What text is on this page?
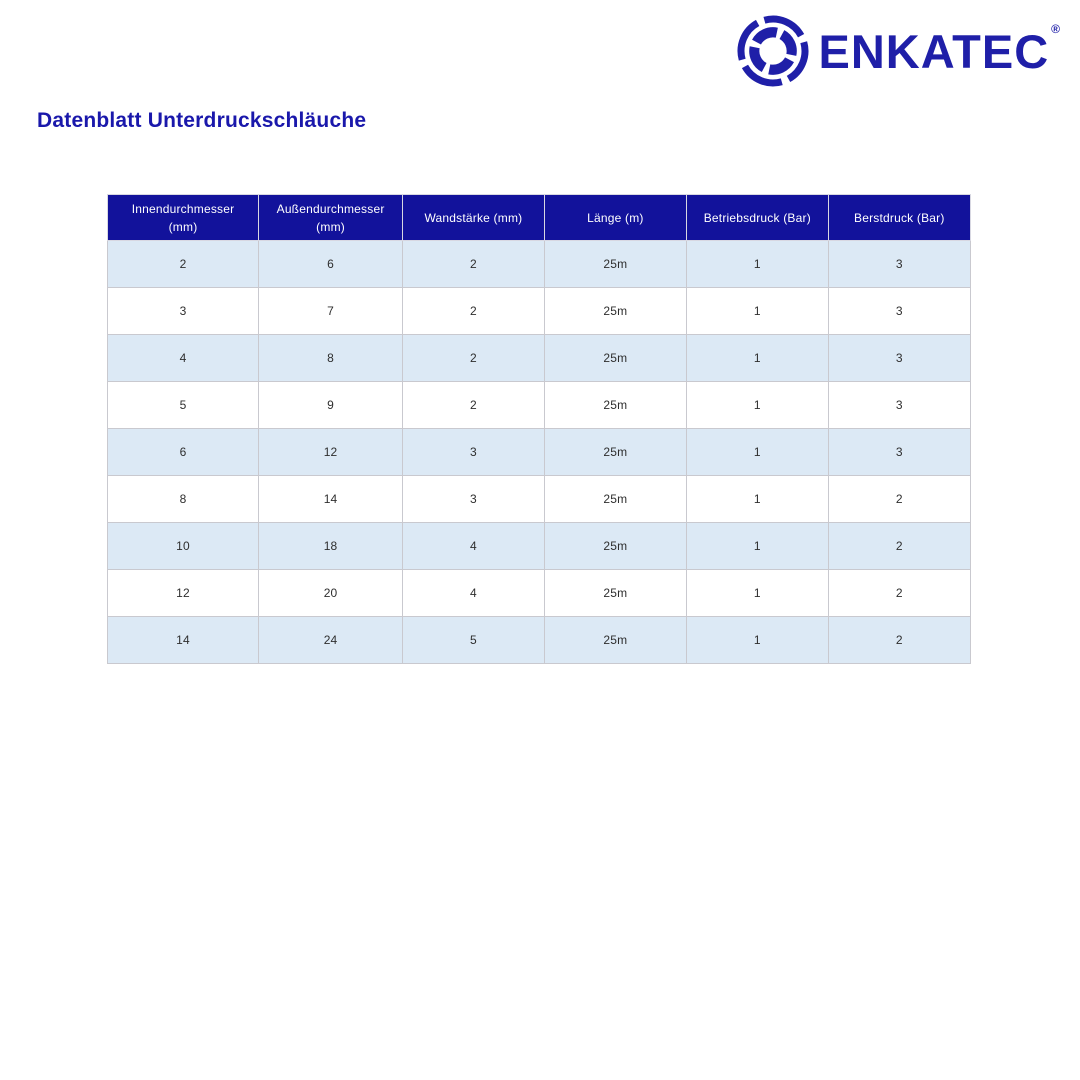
ENKATEC ®
Datenblatt Unterdruckschläuche
Innendurchmesser (mm)	Außendurchmesser (mm)	Wandstärke (mm)	Länge (m)	Betriebsdruck (Bar)	Berstdruck (Bar)
2	6	2	25m	1	3
3	7	2	25m	1	3
4	8	2	25m	1	3
5	9	2	25m	1	3
6	12	3	25m	1	3
8	14	3	25m	1	2
10	18	4	25m	1	2
12	20	4	25m	1	2
14	24	5	25m	1	2
